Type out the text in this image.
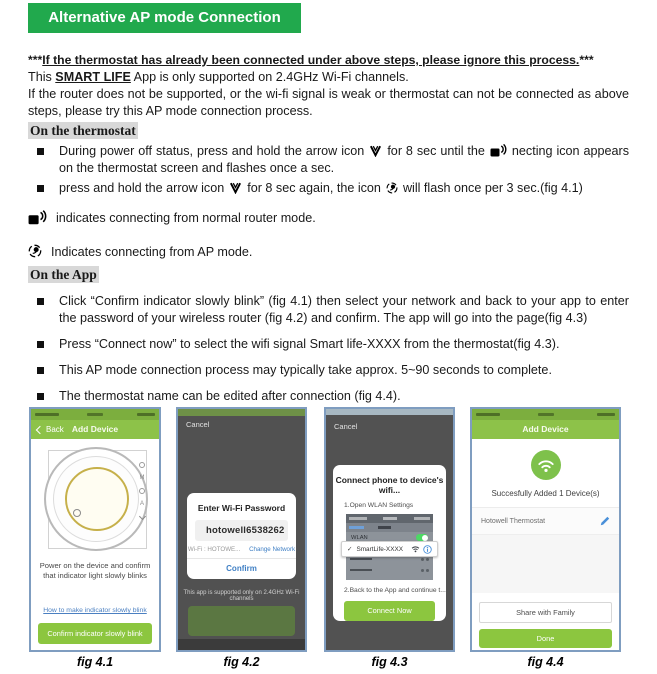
Alternative AP mode Connection

***If the thermostat has already been connected under above steps, please ignore this process.***

This SMART LIFE App is only supported on 2.4GHz Wi-Fi channels.

If the router does not be supported, or the wi-fi signal is weak or thermostat can not be connected as above steps, please try this AP mode connection process.

On the thermostat
During power off status, press and hold the arrow icon for 8 sec until the necting icon appears on the thermostat screen and flashes once a sec.
press and hold the arrow icon for 8 sec again, the icon will flash once per 3 sec.(fig 4.1)
indicates connecting from normal router mode.
Indicates connecting from AP mode.
On the App
Click “Confirm indicator slowly blink” (fig 4.1) then select your network and back to your app to enter the password of your wireless router (fig 4.2) and confirm. The app will go into the page(fig 4.3)
Press “Connect now” to select the wifi signal Smart life-XXXX from the thermostat(fig 4.3).
This AP mode connection process may typically take approx. 5~90 seconds to complete.
The thermostat name can be edited after connection (fig 4.4).
Back Add Device
M
A
Power on the device and confirm
that indicator light slowly blinks
How to make indicator slowly blink
Confirm indicator slowly blink
Cancel
Enter Wi-Fi Password
hotowell6538262
Wi-Fi : HOTOWE... Change Network
Confirm
This app is supported only on 2.4GHz Wi-Fi channels
Cancel
Connect phone to device's wifi...
1.Open WLAN Settings
WLAN
✓ SmartLife-XXXX
2.Back to the App and continue t...
Connect Now
Add Device
Succesfully Added 1 Device(s)
Hotowell Thermostat
Share with Family
Done
fig 4.1	fig 4.2	fig 4.3	fig 4.4
